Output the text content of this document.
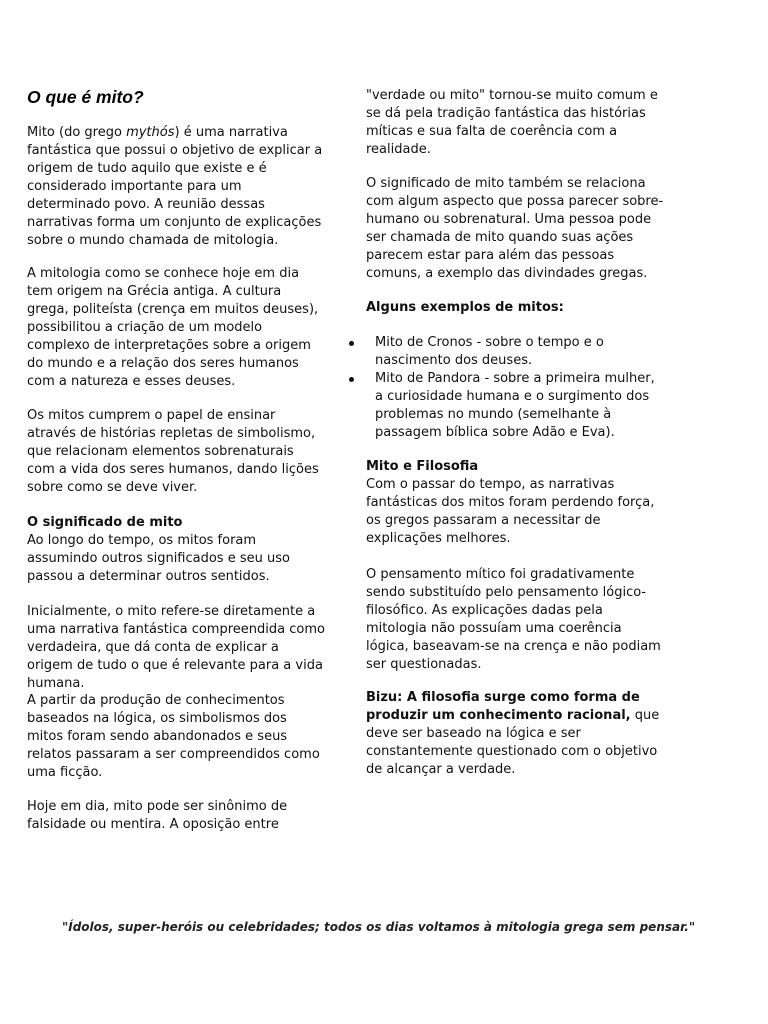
O que é mito?

Mito (do grego mythós) é uma narrativa fantástica que possui o objetivo de explicar a origem de tudo aquilo que existe e é considerado importante para um determinado povo. A reunião dessas narrativas forma um conjunto de explicações sobre o mundo chamada de mitologia.

A mitologia como se conhece hoje em dia tem origem na Grécia antiga. A cultura grega, politeísta (crença em muitos deuses), possibilitou a criação de um modelo complexo de interpretações sobre a origem do mundo e a relação dos seres humanos com a natureza e esses deuses.

Os mitos cumprem o papel de ensinar através de histórias repletas de simbolismo, que relacionam elementos sobrenaturais com a vida dos seres humanos, dando lições sobre como se deve viver.

O significado de mito

Ao longo do tempo, os mitos foram assumindo outros significados e seu uso passou a determinar outros sentidos.

Inicialmente, o mito refere-se diretamente a uma narrativa fantástica compreendida como verdadeira, que dá conta de explicar a origem de tudo o que é relevante para a vida humana.

A partir da produção de conhecimentos baseados na lógica, os simbolismos dos mitos foram sendo abandonados e seus relatos passaram a ser compreendidos como uma ficção.

Hoje em dia, mito pode ser sinônimo de falsidade ou mentira. A oposição entre

"verdade ou mito" tornou-se muito comum e se dá pela tradição fantástica das histórias míticas e sua falta de coerência com a realidade.

O significado de mito também se relaciona com algum aspecto que possa parecer sobre-humano ou sobrenatural. Uma pessoa pode ser chamada de mito quando suas ações parecem estar para além das pessoas comuns, a exemplo das divindades gregas.

Alguns exemplos de mitos:

Mito de Cronos - sobre o tempo e o nascimento dos deuses.
Mito de Pandora - sobre a primeira mulher, a curiosidade humana e o surgimento dos problemas no mundo (semelhante à passagem bíblica sobre Adão e Eva).

Mito e Filosofia

Com o passar do tempo, as narrativas fantásticas dos mitos foram perdendo força, os gregos passaram a necessitar de explicações melhores.

O pensamento mítico foi gradativamente sendo substituído pelo pensamento lógico-filosófico. As explicações dadas pela mitologia não possuíam uma coerência lógica, baseavam-se na crença e não podiam ser questionadas.

Bizu: A filosofia surge como forma de produzir um conhecimento racional, que deve ser baseado na lógica e ser constantemente questionado com o objetivo de alcançar a verdade.

"Ídolos, super-heróis ou celebridades; todos os dias voltamos à mitologia grega sem pensar."
